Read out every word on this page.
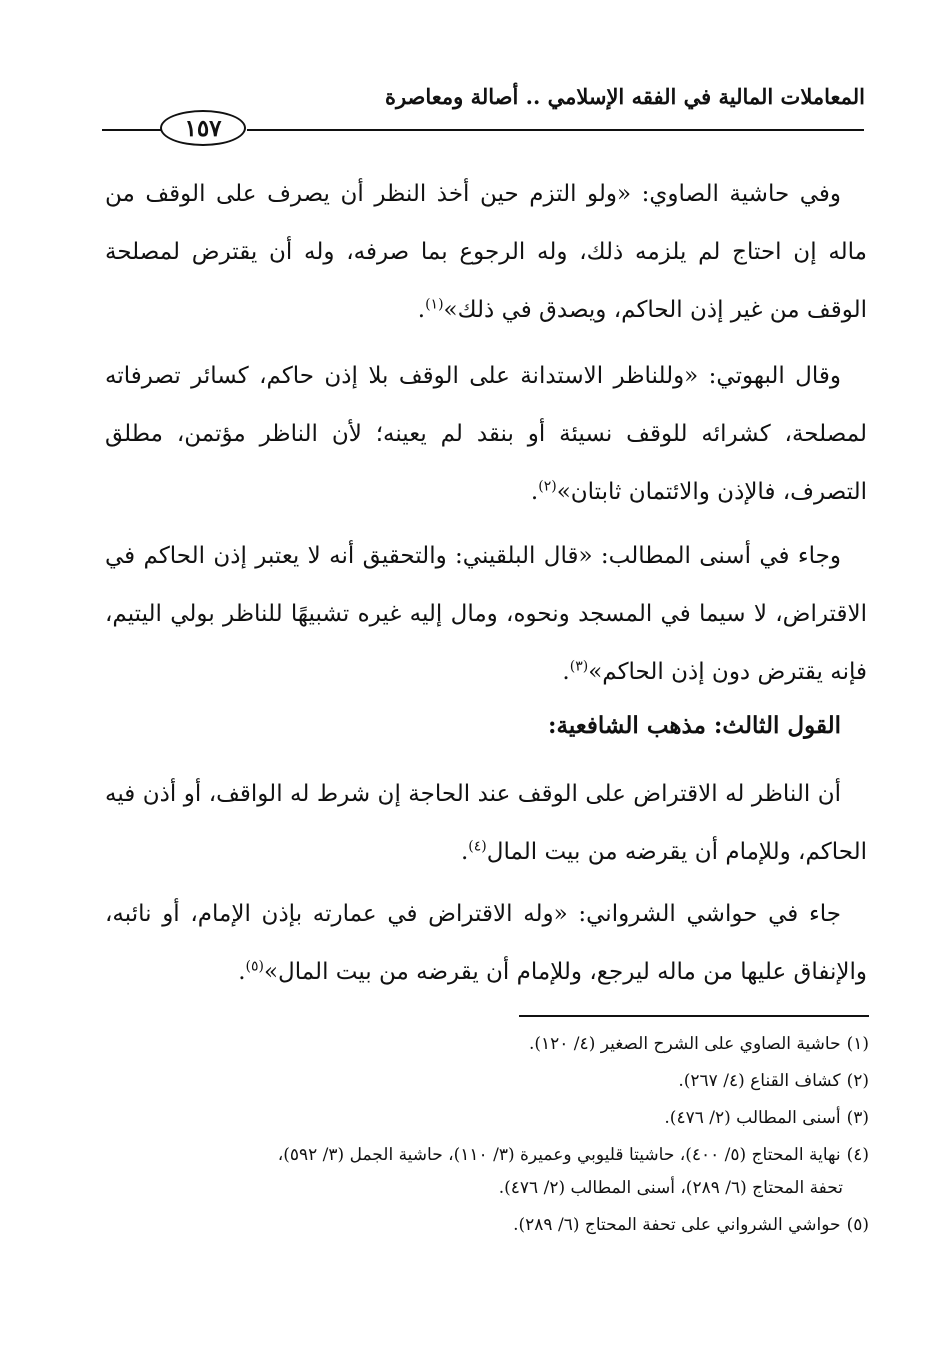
المعاملات المالية في الفقه الإسلامي .. أصالة ومعاصرة
١٥٧

وفي حاشية الصاوي: «ولو التزم حين أخذ النظر أن يصرف على الوقف من ماله إن احتاج لم يلزمه ذلك، وله الرجوع بما صرفه، وله أن يقترض لمصلحة الوقف من غير إذن الحاكم، ويصدق في ذلك»$^{(١)}$.

وقال البهوتي: «وللناظر الاستدانة على الوقف بلا إذن حاكم، كسائر تصرفاته لمصلحة، كشرائه للوقف نسيئة أو بنقد لم يعينه؛ لأن الناظر مؤتمن، مطلق التصرف، فالإذن والائتمان ثابتان»$^{(٢)}$.

وجاء في أسنى المطالب: «قال البلقيني: والتحقيق أنه لا يعتبر إذن الحاكم في الاقتراض، لا سيما في المسجد ونحوه، ومال إليه غيره تشبيهًا للناظر بولي اليتيم، فإنه يقترض دون إذن الحاكم»$^{(٣)}$.

القول الثالث: مذهب الشافعية:

أن الناظر له الاقتراض على الوقف عند الحاجة إن شرط له الواقف، أو أذن فيه الحاكم، وللإمام أن يقرضه من بيت المال$^{(٤)}$.

جاء في حواشي الشرواني: «وله الاقتراض في عمارته بإذن الإمام، أو نائبه، والإنفاق عليها من ماله ليرجع، وللإمام أن يقرضه من بيت المال»$^{(٥)}$.

(١)حاشية الصاوي على الشرح الصغير (٤/ ١٢٠).

(٢)كشاف القناع (٤/ ٢٦٧).

(٣)أسنى المطالب (٢/ ٤٧٦).

(٤)نهاية المحتاج (٥/ ٤٠٠)، حاشيتا قليوبي وعميرة (٣/ ١١٠)، حاشية الجمل (٣/ ٥٩٢)،
تحفة المحتاج (٦/ ٢٨٩)، أسنى المطالب (٢/ ٤٧٦).

(٥)حواشي الشرواني على تحفة المحتاج (٦/ ٢٨٩).
